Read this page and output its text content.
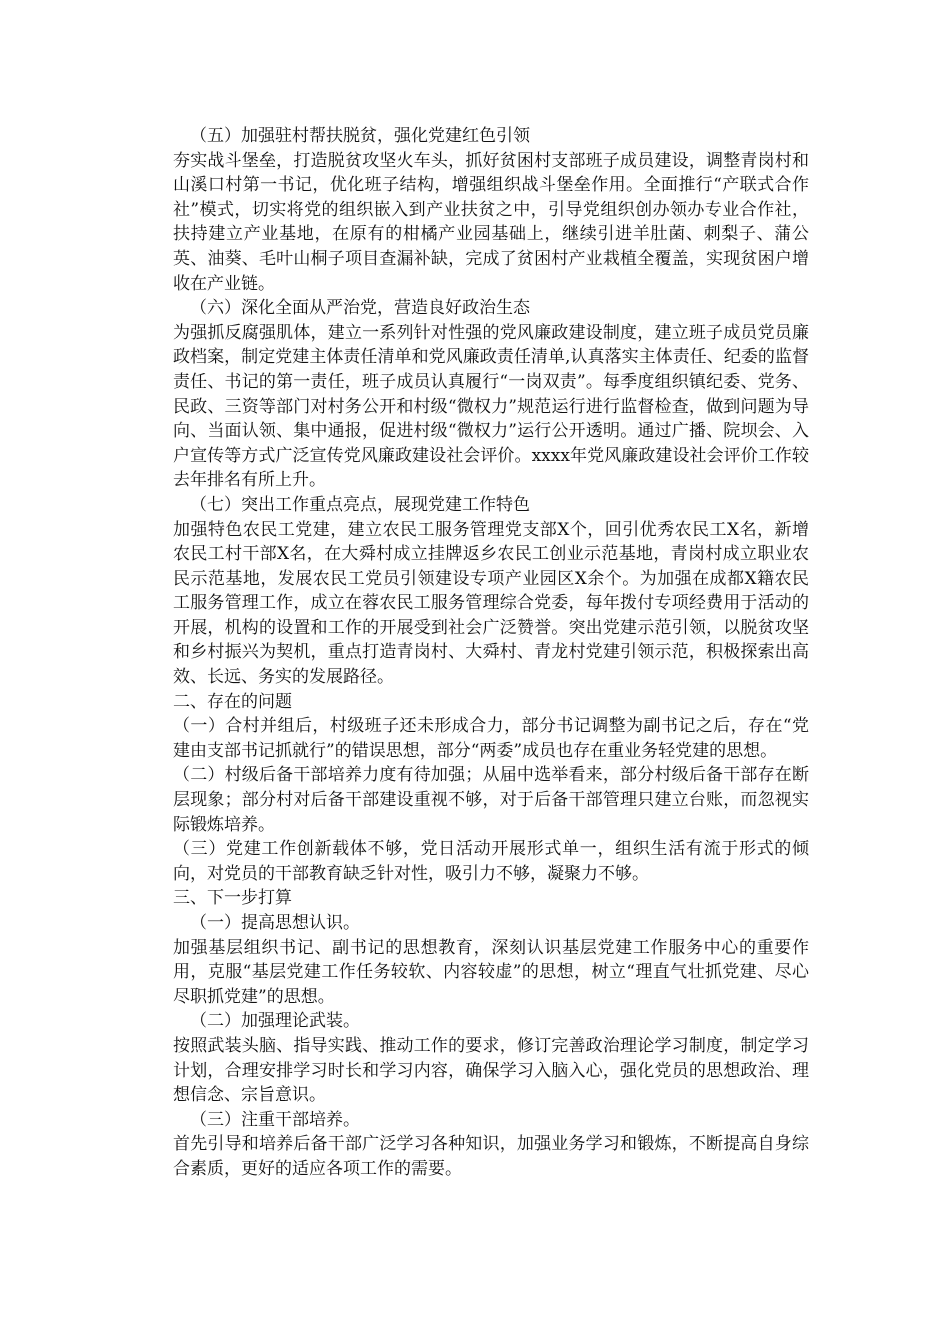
（五）加强驻村帮扶脱贫，强化党建红色引领

夯实战斗堡垒，打造脱贫攻坚火车头，抓好贫困村支部班子成员建设，调整青岗村和山溪口村第一书记，优化班子结构，增强组织战斗堡垒作用。全面推行“产联式合作社”模式，切实将党的组织嵌入到产业扶贫之中，引导党组织创办领办专业合作社，扶持建立产业基地，在原有的柑橘产业园基础上，继续引进羊肚菌、刺梨子、蒲公英、油葵、毛叶山桐子项目查漏补缺，完成了贫困村产业栽植全覆盖，实现贫困户增收在产业链。

（六）深化全面从严治党，营造良好政治生态

为强抓反腐强肌体，建立一系列针对性强的党风廉政建设制度，建立班子成员党员廉政档案，制定党建主体责任清单和党风廉政责任清单,认真落实主体责任、纪委的监督责任、书记的第一责任，班子成员认真履行“一岗双责”。每季度组织镇纪委、党务、民政、三资等部门对村务公开和村级“微权力”规范运行进行监督检查，做到问题为导向、当面认领、集中通报，促进村级“微权力”运行公开透明。通过广播、院坝会、入户宣传等方式广泛宣传党风廉政建设社会评价。xxxx年党风廉政建设社会评价工作较去年排名有所上升。

（七）突出工作重点亮点，展现党建工作特色

加强特色农民工党建，建立农民工服务管理党支部X个，回引优秀农民工X名，新增农民工村干部X名，在大舜村成立挂牌返乡农民工创业示范基地，青岗村成立职业农民示范基地，发展农民工党员引领建设专项产业园区X余个。为加强在成都X籍农民工服务管理工作，成立在蓉农民工服务管理综合党委，每年拨付专项经费用于活动的开展，机构的设置和工作的开展受到社会广泛赞誉。突出党建示范引领，以脱贫攻坚和乡村振兴为契机，重点打造青岗村、大舜村、青龙村党建引领示范，积极探索出高效、长远、务实的发展路径。

二、存在的问题

（一）合村并组后，村级班子还未形成合力，部分书记调整为副书记之后，存在“党建由支部书记抓就行”的错误思想，部分“两委”成员也存在重业务轻党建的思想。

（二）村级后备干部培养力度有待加强；从届中选举看来，部分村级后备干部存在断层现象；部分村对后备干部建设重视不够，对于后备干部管理只建立台账，而忽视实际锻炼培养。

（三）党建工作创新载体不够，党日活动开展形式单一，组织生活有流于形式的倾向，对党员的干部教育缺乏针对性，吸引力不够，凝聚力不够。

三、下一步打算

（一）提高思想认识。

加强基层组织书记、副书记的思想教育，深刻认识基层党建工作服务中心的重要作用，克服“基层党建工作任务较软、内容较虚”的思想，树立“理直气壮抓党建、尽心尽职抓党建”的思想。

（二）加强理论武装。

按照武装头脑、指导实践、推动工作的要求，修订完善政治理论学习制度，制定学习计划，合理安排学习时长和学习内容，确保学习入脑入心，强化党员的思想政治、理想信念、宗旨意识。

（三）注重干部培养。

首先引导和培养后备干部广泛学习各种知识，加强业务学习和锻炼，不断提高自身综合素质，更好的适应各项工作的需要。
